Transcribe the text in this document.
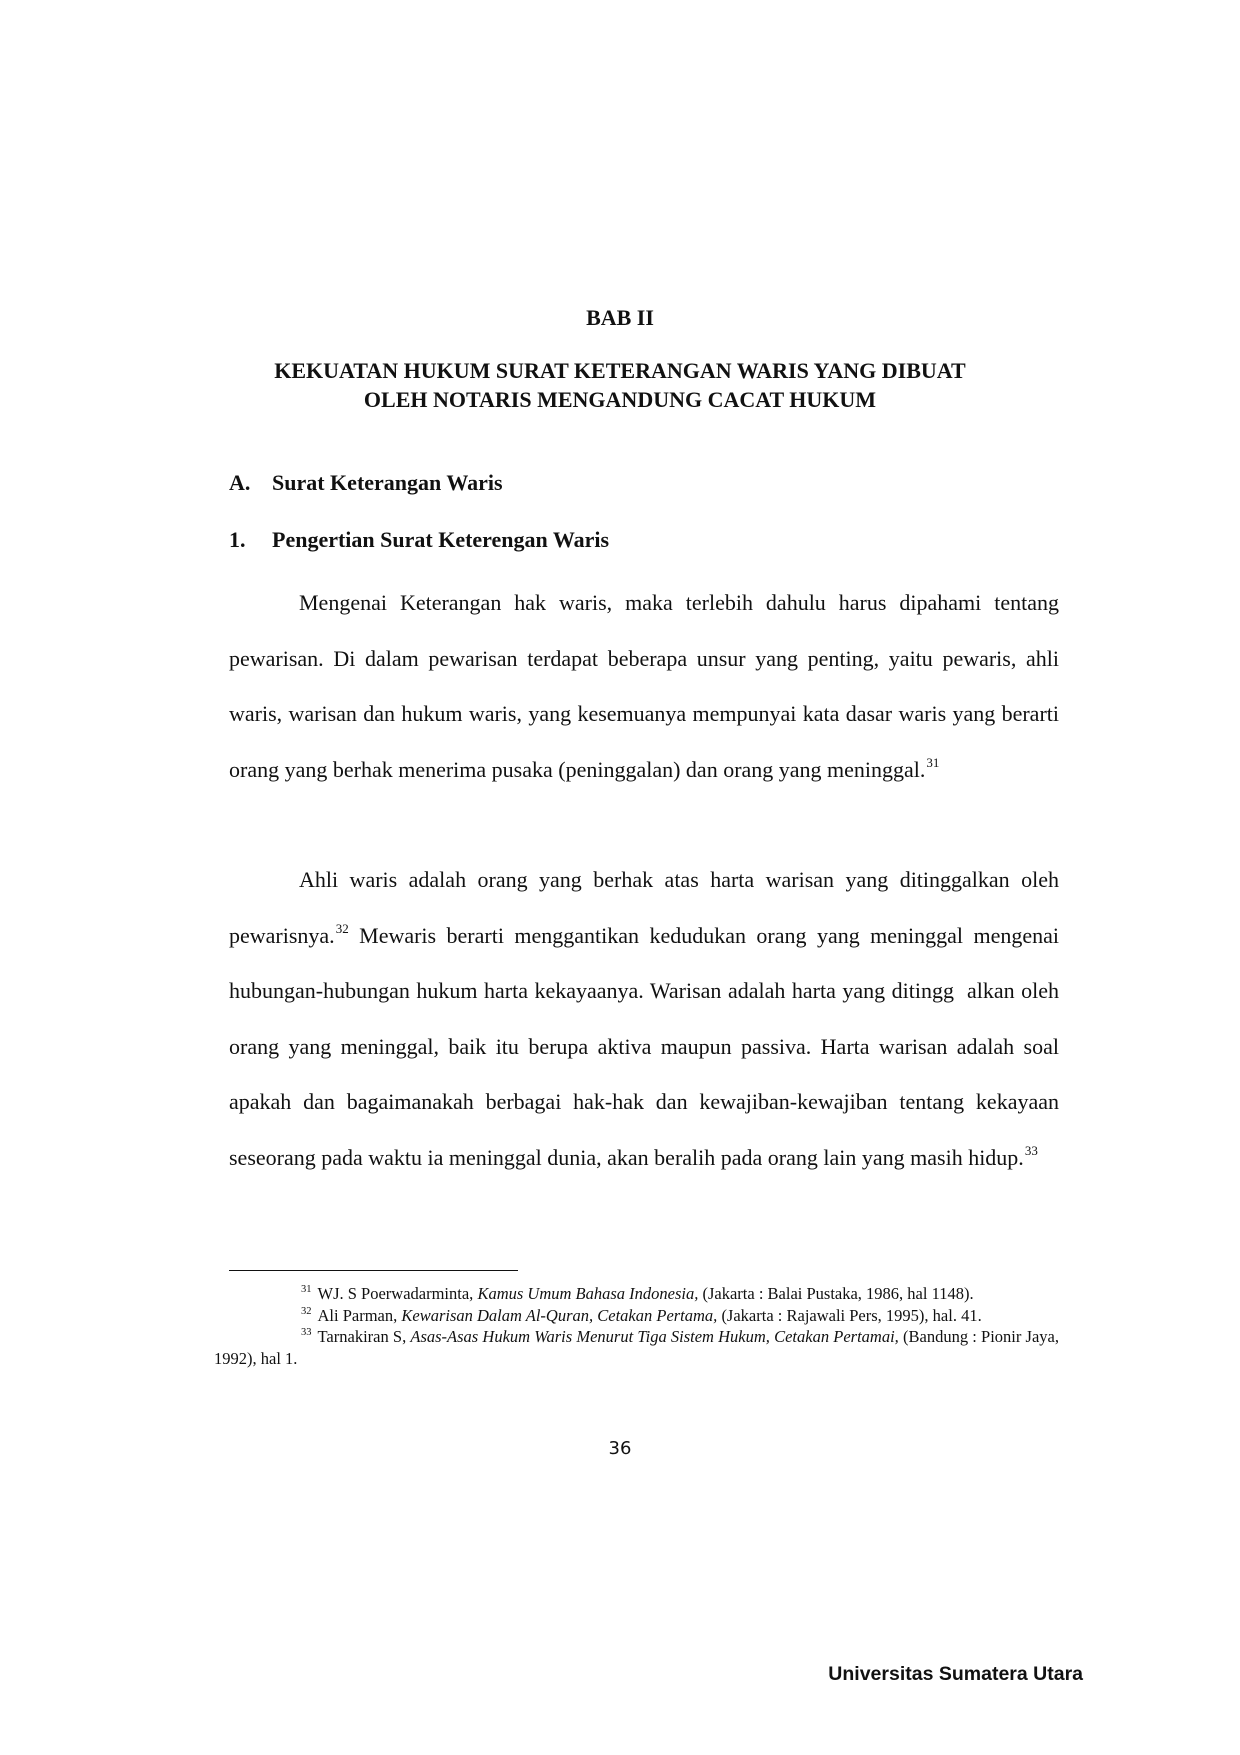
BAB II
KEKUATAN HUKUM SURAT KETERANGAN WARIS YANG DIBUAT
OLEH NOTARIS MENGANDUNG CACAT HUKUM
A. Surat Keterangan Waris
1. Pengertian Surat Keterengan Waris

Mengenai Keterangan hak waris, maka terlebih dahulu harus dipahami tentang pewarisan. Di dalam pewarisan terdapat beberapa unsur yang penting, yaitu pewaris, ahli waris, warisan dan hukum waris, yang kesemuanya mempunyai kata dasar waris yang berarti orang yang berhak menerima pusaka (peninggalan) dan orang yang meninggal.$^{31}$

Ahli waris adalah orang yang berhak atas harta warisan yang ditinggalkan oleh pewarisnya.$^{32}$ Mewaris berarti menggantikan kedudukan orang yang meninggal mengenai hubungan-hubungan hukum harta kekayaanya. Warisan adalah harta yang ditingg  alkan oleh orang yang meninggal, baik itu berupa aktiva maupun passiva. Harta warisan adalah soal apakah dan bagaimanakah berbagai hak-hak dan kewajiban-kewajiban tentang kekayaan seseorang pada waktu ia meninggal dunia, akan beralih pada orang lain yang masih hidup.$^{33}$

$^{31}$ WJ. S Poerwadarminta, Kamus Umum Bahasa Indonesia, (Jakarta : Balai Pustaka, 1986, hal 1148).

$^{32}$ Ali Parman, Kewarisan Dalam Al-Quran, Cetakan Pertama, (Jakarta : Rajawali Pers, 1995), hal. 41.

$^{33}$ Tarnakiran S, Asas-Asas Hukum Waris Menurut Tiga Sistem Hukum, Cetakan Pertamai, (Bandung : Pionir Jaya, 1992), hal 1.

36
Universitas Sumatera Utara
